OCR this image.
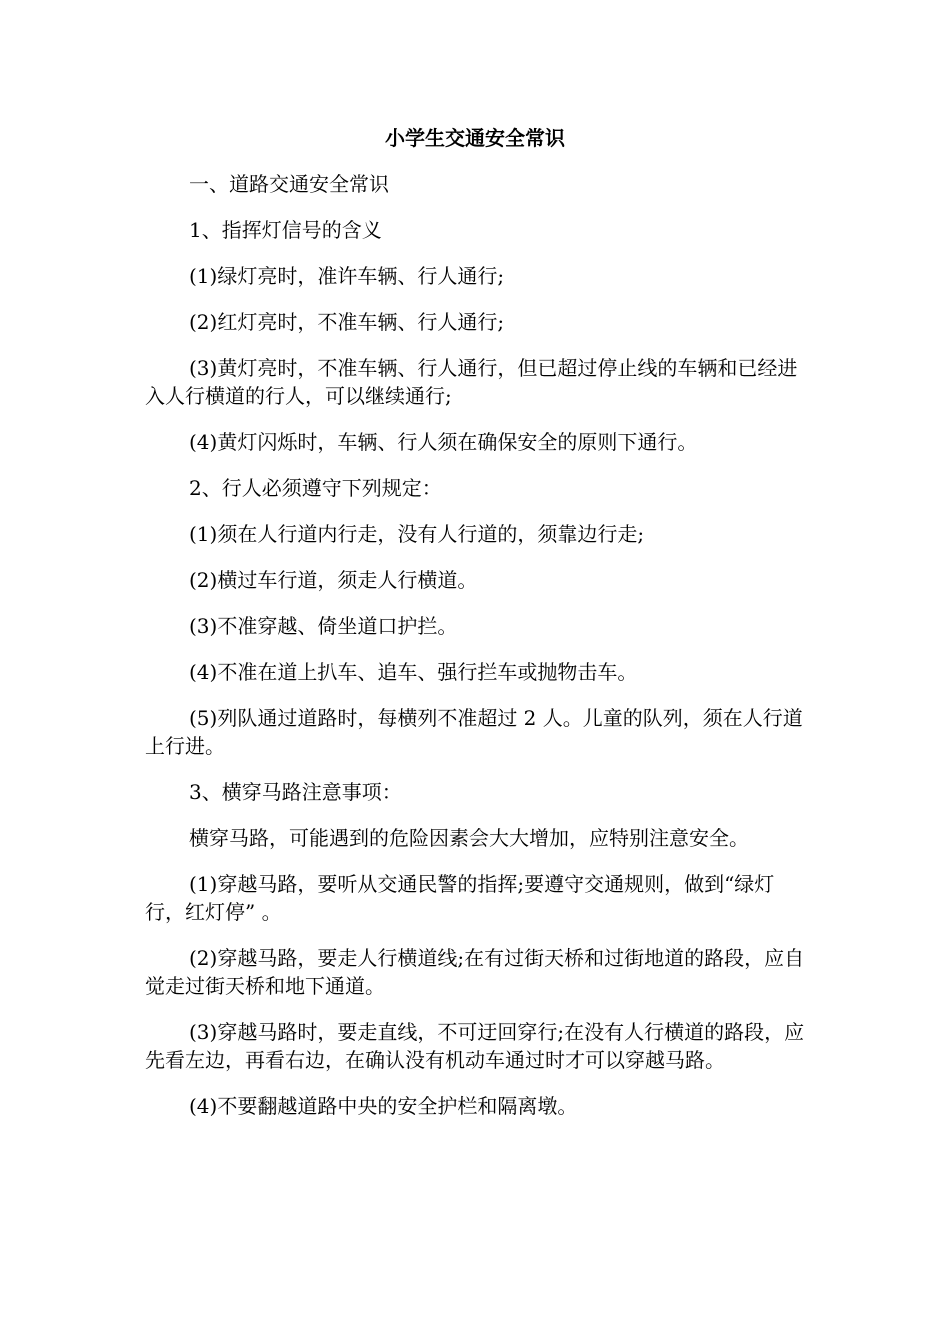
小学生交通安全常识

一、道路交通安全常识

1、指挥灯信号的含义

(1)绿灯亮时，准许车辆、行人通行;

(2)红灯亮时，不准车辆、行人通行;

(3)黄灯亮时，不准车辆、行人通行，但已超过停止线的车辆和已经进入人行横道的行人，可以继续通行;

(4)黄灯闪烁时，车辆、行人须在确保安全的原则下通行。

2、行人必须遵守下列规定：

(1)须在人行道内行走，没有人行道的，须靠边行走;

(2)横过车行道，须走人行横道。

(3)不准穿越、倚坐道口护拦。

(4)不准在道上扒车、追车、强行拦车或抛物击车。

(5)列队通过道路时，每横列不准超过 2 人。儿童的队列，须在人行道上行进。

3、横穿马路注意事项：

横穿马路，可能遇到的危险因素会大大增加，应特别注意安全。

(1)穿越马路，要听从交通民警的指挥;要遵守交通规则，做到“绿灯行，红灯停” 。

(2)穿越马路，要走人行横道线;在有过街天桥和过街地道的路段，应自觉走过街天桥和地下通道。

(3)穿越马路时，要走直线，不可迂回穿行;在没有人行横道的路段，应先看左边，再看右边，在确认没有机动车通过时才可以穿越马路。

(4)不要翻越道路中央的安全护栏和隔离墩。
